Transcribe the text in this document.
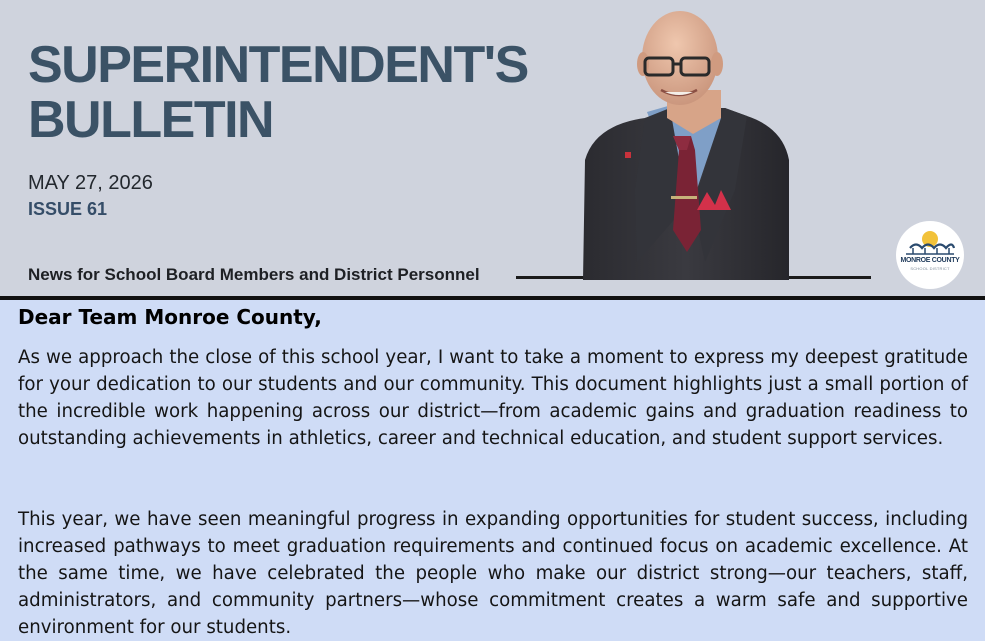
SUPERINTENDENT'S
BULLETIN
MAY 27, 2026
ISSUE 61
News for School Board Members and District Personnel
MONROE COUNTY
SCHOOL DISTRICT
Dear Team Monroe County,

As we approach the close of this school year, I want to take a moment to express my deepest gratitude for your dedication to our students and our community. This document highlights just a small portion of the incredible work happening across our district—from academic gains and graduation readiness to outstanding achievements in athletics, career and technical education, and student support services.

This year, we have seen meaningful progress in expanding opportunities for student success, including increased pathways to meet graduation requirements and continued focus on academic excellence. At the same time, we have celebrated the people who make our district strong—our teachers, staff, administrators, and community partners—whose commitment creates a warm safe and supportive environment for our students.
